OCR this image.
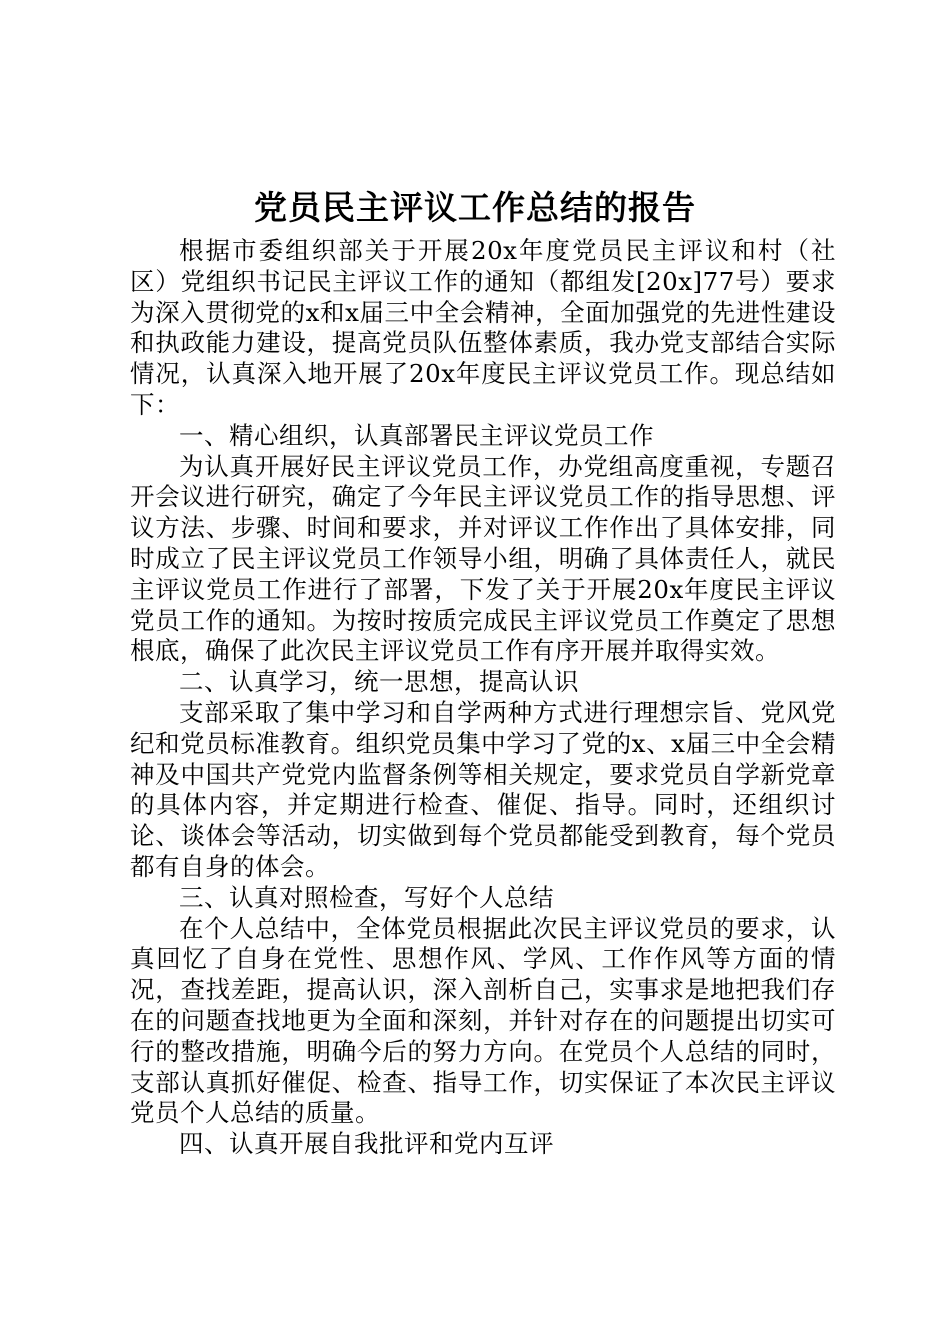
党员民主评议工作总结的报告

根据市委组织部关于开展20x年度党员民主评议和村（社区）党组织书记民主评议工作的通知（都组发[20x]77号）要求为深入贯彻党的x和x届三中全会精神，全面加强党的先进性建设和执政能力建设，提高党员队伍整体素质，我办党支部结合实际情况，认真深入地开展了20x年度民主评议党员工作。现总结如下：

一、精心组织，认真部署民主评议党员工作

为认真开展好民主评议党员工作，办党组高度重视，专题召开会议进行研究，确定了今年民主评议党员工作的指导思想、评议方法、步骤、时间和要求，并对评议工作作出了具体安排，同时成立了民主评议党员工作领导小组，明确了具体责任人，就民主评议党员工作进行了部署，下发了关于开展20x年度民主评议党员工作的通知。为按时按质完成民主评议党员工作奠定了思想根底，确保了此次民主评议党员工作有序开展并取得实效。

二、认真学习，统一思想，提高认识

支部采取了集中学习和自学两种方式进行理想宗旨、党风党纪和党员标准教育。组织党员集中学习了党的x、x届三中全会精神及中国共产党党内监督条例等相关规定，要求党员自学新党章的具体内容，并定期进行检查、催促、指导。同时，还组织讨论、谈体会等活动，切实做到每个党员都能受到教育，每个党员都有自身的体会。

三、认真对照检查，写好个人总结

在个人总结中，全体党员根据此次民主评议党员的要求，认真回忆了自身在党性、思想作风、学风、工作作风等方面的情况，查找差距，提高认识，深入剖析自己，实事求是地把我们存在的问题查找地更为全面和深刻，并针对存在的问题提出切实可行的整改措施，明确今后的努力方向。在党员个人总结的同时，支部认真抓好催促、检查、指导工作，切实保证了本次民主评议党员个人总结的质量。

四、认真开展自我批评和党内互评
